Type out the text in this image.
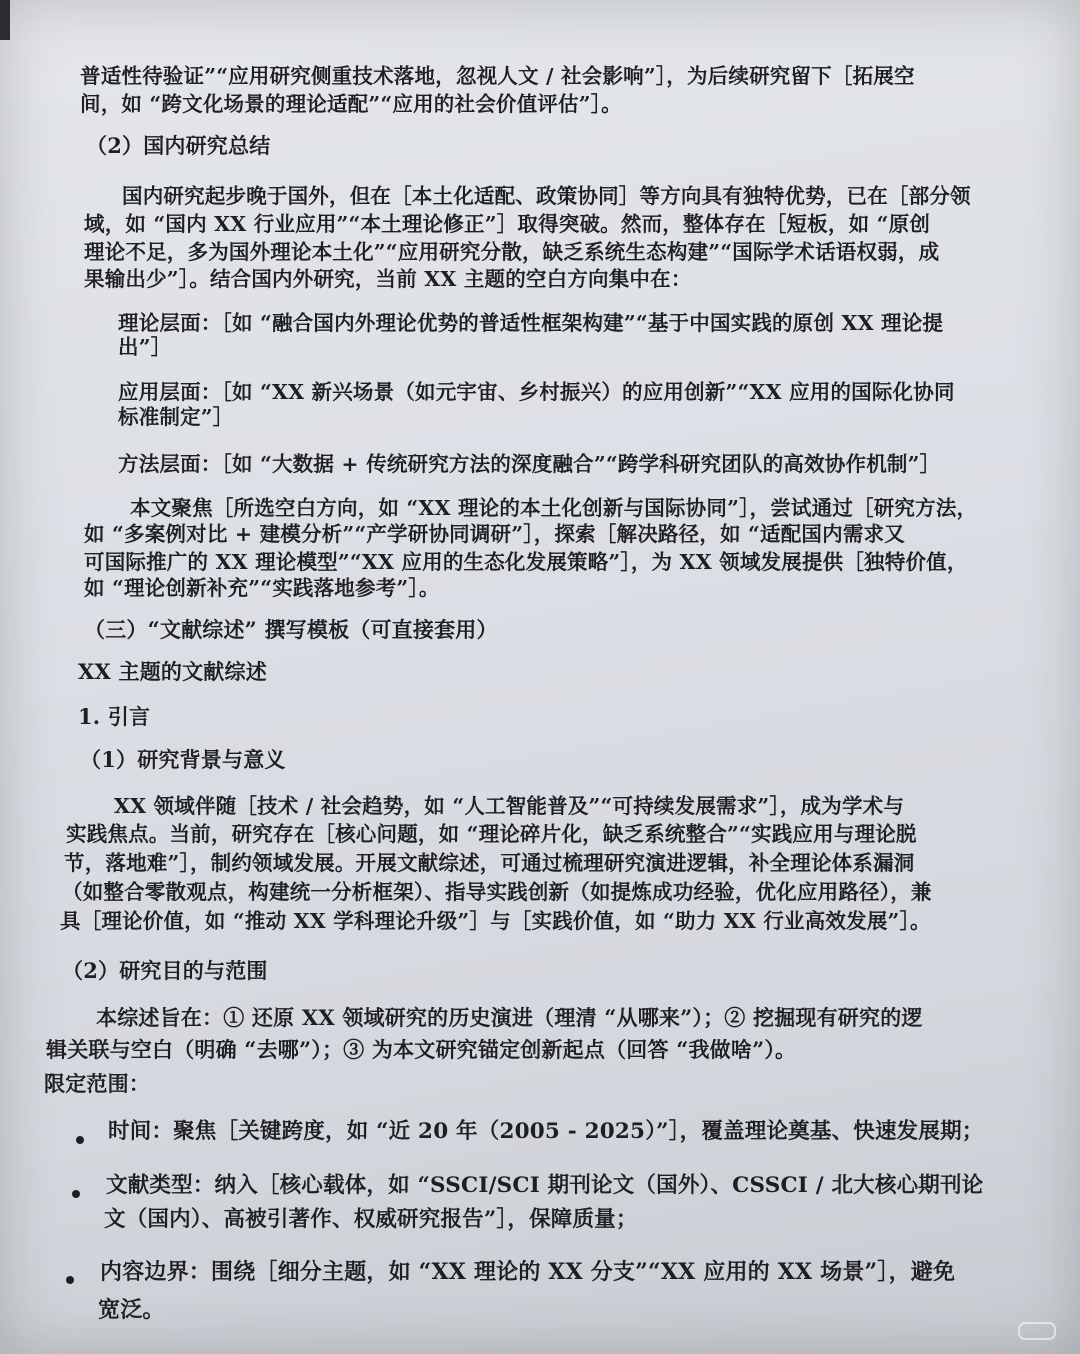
普适性待验证”“应用研究侧重技术落地，忽视人文 / 社会影响”］，为后续研究留下［拓展空
间，如 “跨文化场景的理论适配”“应用的社会价值评估”］。
（2）国内研究总结
国内研究起步晚于国外，但在［本土化适配、政策协同］等方向具有独特优势，已在［部分领
域，如 “国内 XX 行业应用”“本土理论修正”］取得突破。然而，整体存在［短板，如 “原创
理论不足，多为国外理论本土化”“应用研究分散，缺乏系统生态构建”“国际学术话语权弱，成
果输出少”］。结合国内外研究，当前 XX 主题的空白方向集中在：
理论层面：［如 “融合国内外理论优势的普适性框架构建”“基于中国实践的原创 XX 理论提
出”］
应用层面：［如 “XX 新兴场景（如元宇宙、乡村振兴）的应用创新”“XX 应用的国际化协同
标准制定”］
方法层面：［如 “大数据 + 传统研究方法的深度融合”“跨学科研究团队的高效协作机制”］
本文聚焦［所选空白方向，如 “XX 理论的本土化创新与国际协同”］，尝试通过［研究方法，
如 “多案例对比 + 建模分析”“产学研协同调研”］，探索［解决路径，如 “适配国内需求又
可国际推广的 XX 理论模型”“XX 应用的生态化发展策略”］，为 XX 领域发展提供［独特价值，
如 “理论创新补充”“实践落地参考”］。
（三）“文献综述” 撰写模板（可直接套用）
XX 主题的文献综述
1. 引言
（1）研究背景与意义
XX 领域伴随［技术 / 社会趋势，如 “人工智能普及”“可持续发展需求”］，成为学术与
实践焦点。当前，研究存在［核心问题，如 “理论碎片化，缺乏系统整合”“实践应用与理论脱
节，落地难”］，制约领域发展。开展文献综述，可通过梳理研究演进逻辑，补全理论体系漏洞
（如整合零散观点，构建统一分析框架）、指导实践创新（如提炼成功经验，优化应用路径），兼
具［理论价值，如 “推动 XX 学科理论升级”］与［实践价值，如 “助力 XX 行业高效发展”］。
（2）研究目的与范围
本综述旨在：① 还原 XX 领域研究的历史演进（理清 “从哪来”）；② 挖掘现有研究的逻
辑关联与空白（明确 “去哪”）；③ 为本文研究锚定创新起点（回答 “我做啥”）。
限定范围：
时间：聚焦［关键跨度，如 “近 20 年（2005 - 2025）”］，覆盖理论奠基、快速发展期；
文献类型：纳入［核心载体，如 “SSCI/SCI 期刊论文（国外）、CSSCI / 北大核心期刊论
文（国内）、高被引著作、权威研究报告”］，保障质量；
内容边界：围绕［细分主题，如 “XX 理论的 XX 分支”“XX 应用的 XX 场景”］，避免
宽泛。
